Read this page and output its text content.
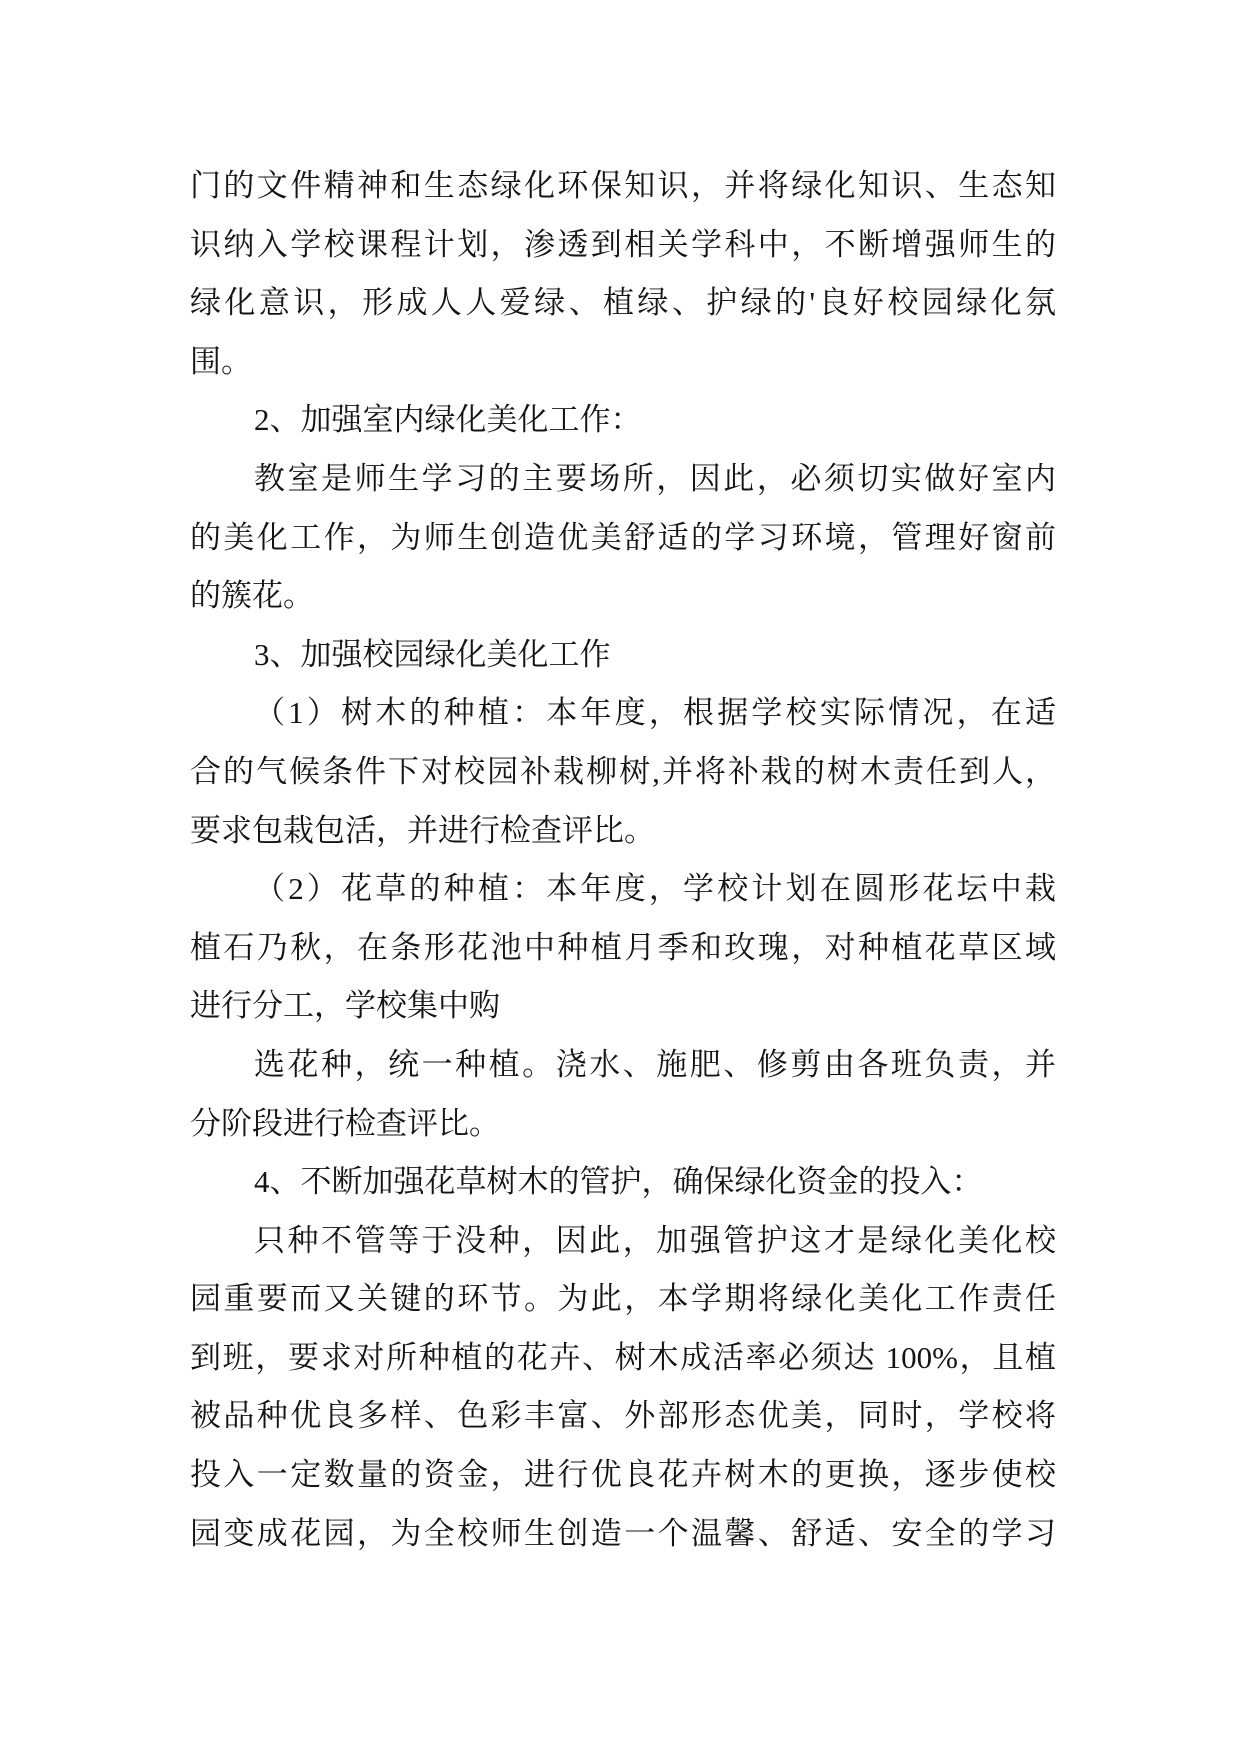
门的文件精神和生态绿化环保知识，并将绿化知识、生态知
识纳入学校课程计划，渗透到相关学科中，不断增强师生的
绿化意识，形成人人爱绿、植绿、护绿的'良好校园绿化氛
围。
2、加强室内绿化美化工作：
教室是师生学习的主要场所，因此，必须切实做好室内
的美化工作，为师生创造优美舒适的学习环境，管理好窗前
的簇花。
3、加强校园绿化美化工作
（1）树木的种植：本年度，根据学校实际情况，在适
合的气候条件下对校园补栽柳树,并将补栽的树木责任到人，
要求包栽包活，并进行检查评比。
（2）花草的种植：本年度，学校计划在圆形花坛中栽
植石乃秋，在条形花池中种植月季和玫瑰，对种植花草区域
进行分工，学校集中购
选花种，统一种植。浇水、施肥、修剪由各班负责，并
分阶段进行检查评比。
4、不断加强花草树木的管护，确保绿化资金的投入：
只种不管等于没种，因此，加强管护这才是绿化美化校
园重要而又关键的环节。为此，本学期将绿化美化工作责任
到班，要求对所种植的花卉、树木成活率必须达 100%，且植
被品种优良多样、色彩丰富、外部形态优美，同时，学校将
投入一定数量的资金，进行优良花卉树木的更换，逐步使校
园变成花园，为全校师生创造一个温馨、舒适、安全的学习
